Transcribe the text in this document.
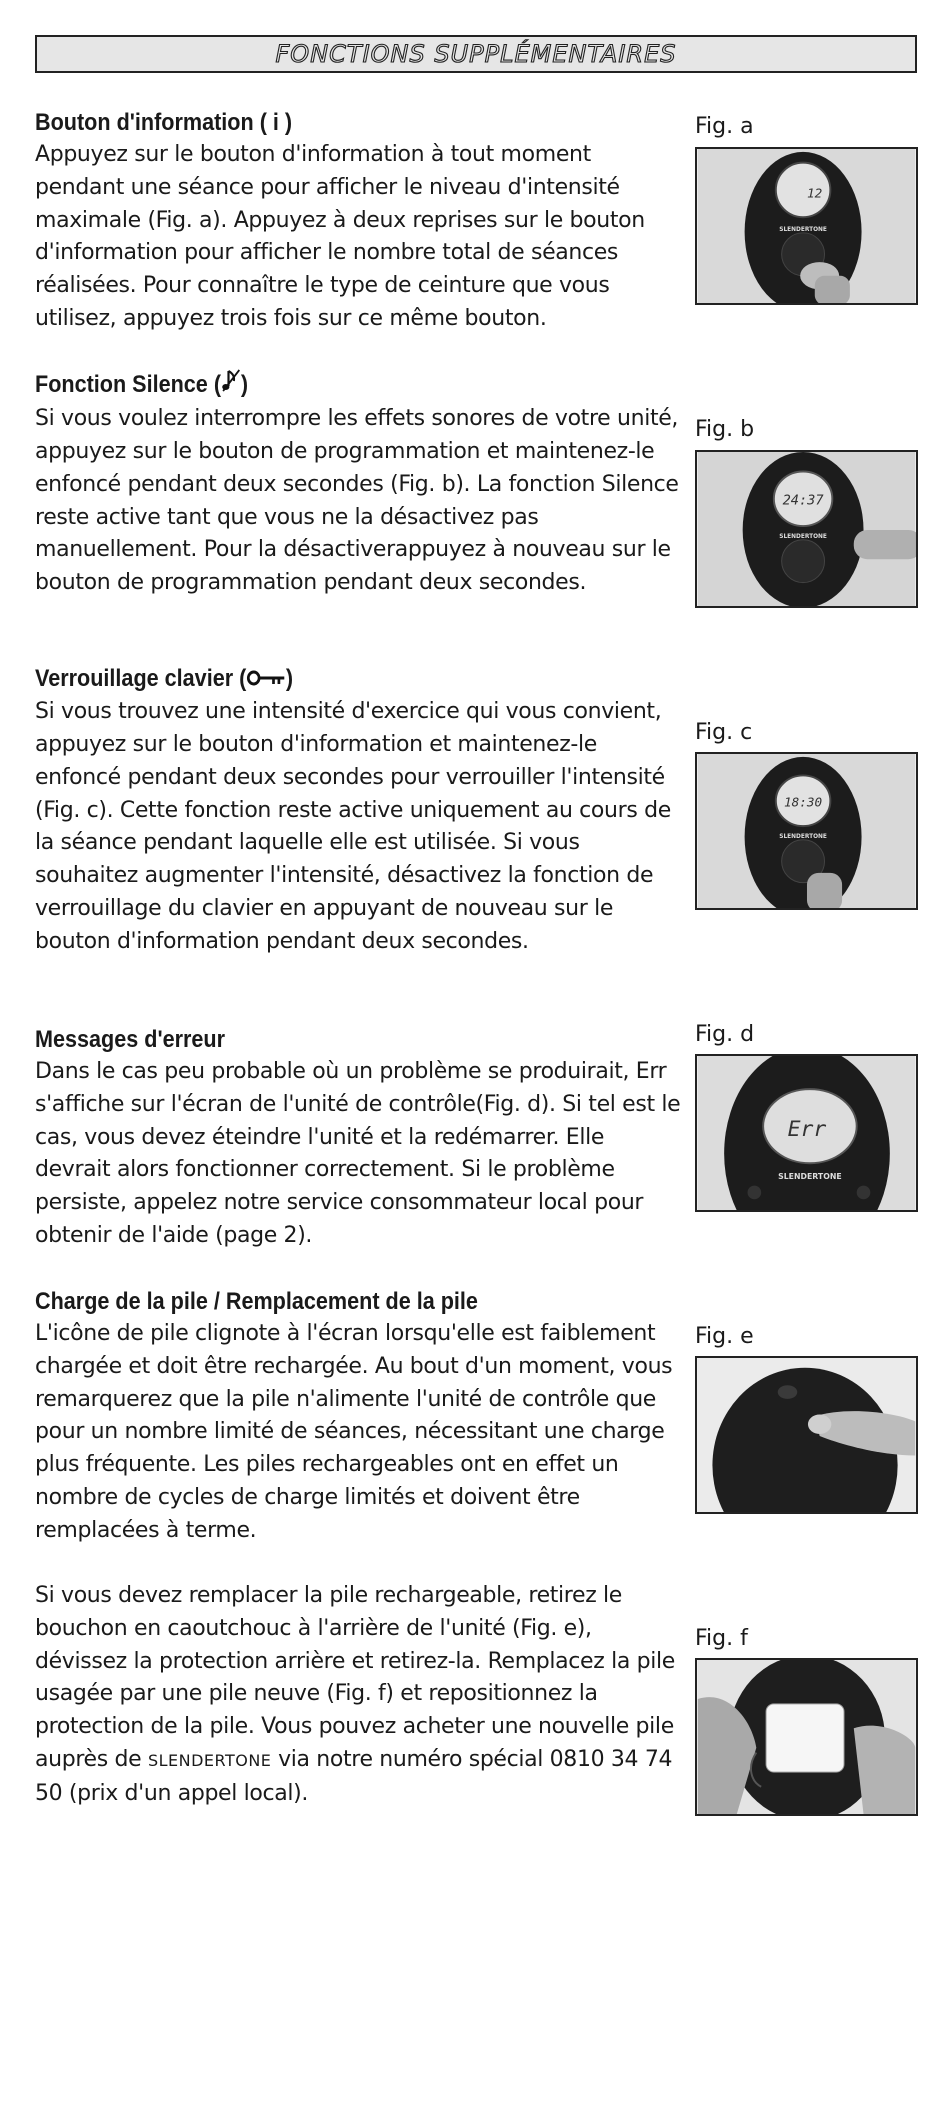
FONCTIONS SUPPLÉMENTAIRES
Bouton d'information ( i )

Appuyez sur le bouton d'information à tout moment pendant une séance pour afficher le niveau d'intensité maximale (Fig. a). Appuyez à deux reprises sur le bouton d'information pour afficher le nombre total de séances réalisées. Pour connaître le type de ceinture que vous utilisez, appuyez trois fois sur ce même bouton.

Fonction Silence ( )

Si vous voulez interrompre les effets sonores de votre unité, appuyez sur le bouton de programmation et maintenez-le enfoncé pendant deux secondes (Fig. b). La fonction Silence reste active tant que vous ne la désactivez pas manuellement. Pour la désactiverappuyez à nouveau sur le bouton de programmation pendant deux secondes.

Verrouillage clavier ( )

Si vous trouvez une intensité d'exercice qui vous convient, appuyez sur le bouton d'information et maintenez-le enfoncé pendant deux secondes pour verrouiller l'intensité (Fig. c). Cette fonction reste active uniquement au cours de la séance pendant laquelle elle est utilisée. Si vous souhaitez augmenter l'intensité, désactivez la fonction de verrouillage du clavier en appuyant de nouveau sur le bouton d'information pendant deux secondes.

Messages d'erreur

Dans le cas peu probable où un problème se produirait, Err s'affiche sur l'écran de l'unité de contrôle(Fig. d). Si tel est le cas, vous devez éteindre l'unité et la redémarrer. Elle devrait alors fonctionner correctement. Si le problème persiste, appelez notre service consommateur local pour obtenir de l'aide (page 2).

Charge de la pile / Remplacement de la pile

L'icône de pile clignote à l'écran lorsqu'elle est faiblement chargée et doit être rechargée. Au bout d'un moment, vous remarquerez que la pile n'alimente l'unité de contrôle que pour un nombre limité de séances, nécessitant une charge plus fréquente. Les piles rechargeables ont en effet un nombre de cycles de charge limités et doivent être remplacées à terme.

Si vous devez remplacer la pile rechargeable, retirez le bouchon en caoutchouc à l'arrière de l'unité (Fig. e), dévissez la protection arrière et retirez-la. Remplacez la pile usagée par une pile neuve (Fig. f) et repositionnez la protection de la pile. Vous pouvez acheter une nouvelle pile auprès de SLENDERTONE via notre numéro spécial 0810 34 74 50 (prix d'un appel local).

Fig. a
12
SLENDERTONE
Fig. b
24:37
SLENDERTONE
Fig. c
18:30
SLENDERTONE
Fig. d
Err
SLENDERTONE
Fig. e
Fig. f
